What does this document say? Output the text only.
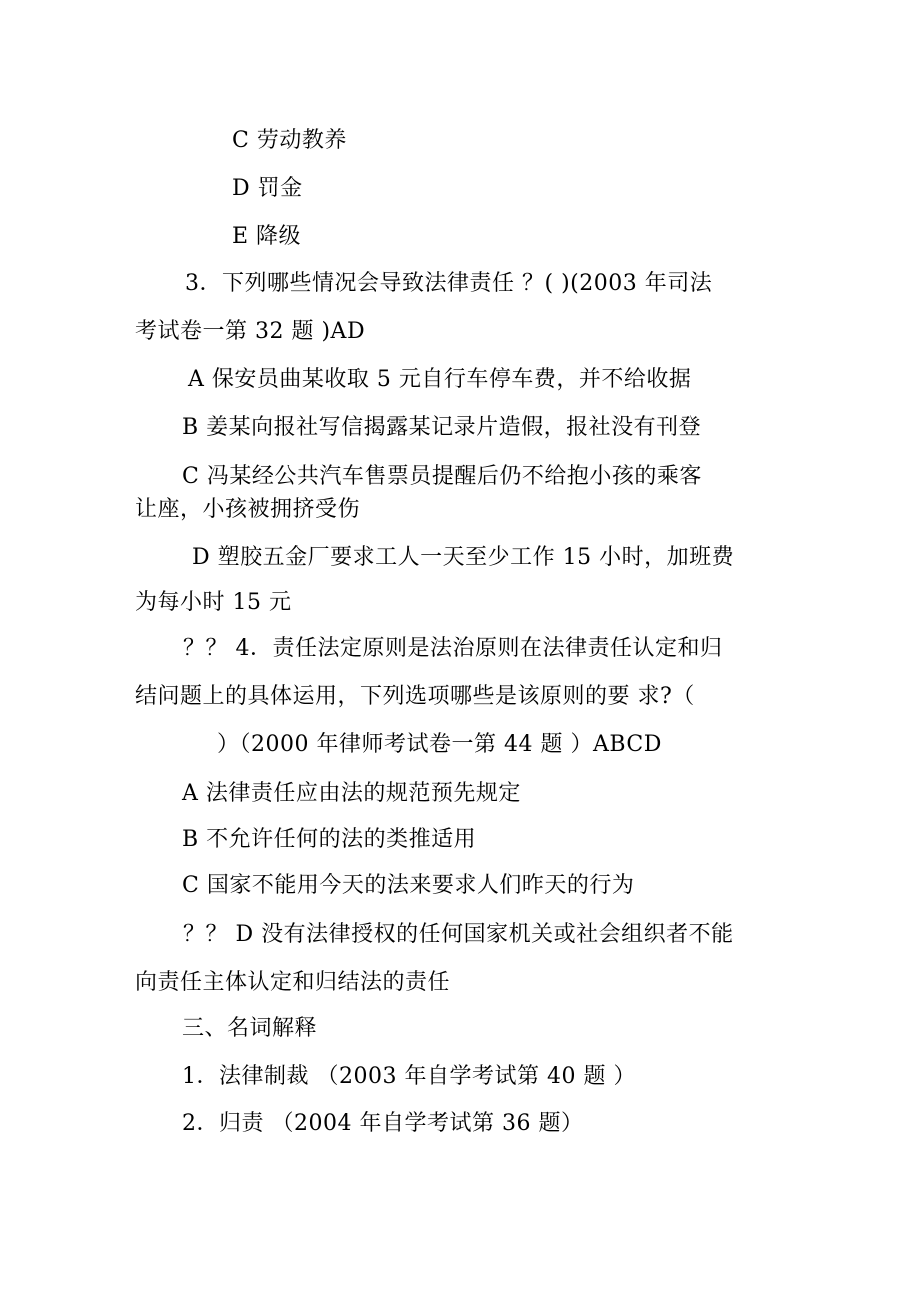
C 劳动教养

D 罚金

E 降级

3．下列哪些情况会导致法律责任 ？( )(2003 年司法

考试卷一第 32 题 )AD

A 保安员曲某收取 5 元自行车停车费，并不给收据

B 姜某向报社写信揭露某记录片造假，报社没有刊登

C 冯某经公共汽车售票员提醒后仍不给抱小孩的乘客

让座，小孩被拥挤受伤

D 塑胶五金厂要求工人一天至少工作 15 小时，加班费

为每小时 15 元

？？ 4．责任法定原则是法治原则在法律责任认定和归

结问题上的具体运用，下列选项哪些是该原则的要 求?（

）（2000 年律师考试卷一第 44 题 ）ABCD

A 法律责任应由法的规范预先规定

B 不允许任何的法的类推适用

C 国家不能用今天的法来要求人们昨天的行为

？？ D 没有法律授权的任何国家机关或社会组织者不能

向责任主体认定和归结法的责任

三、名词解释

1．法律制裁 （2003 年自学考试第 40 题 ）

2．归责 （2004 年自学考试第 36 题）
